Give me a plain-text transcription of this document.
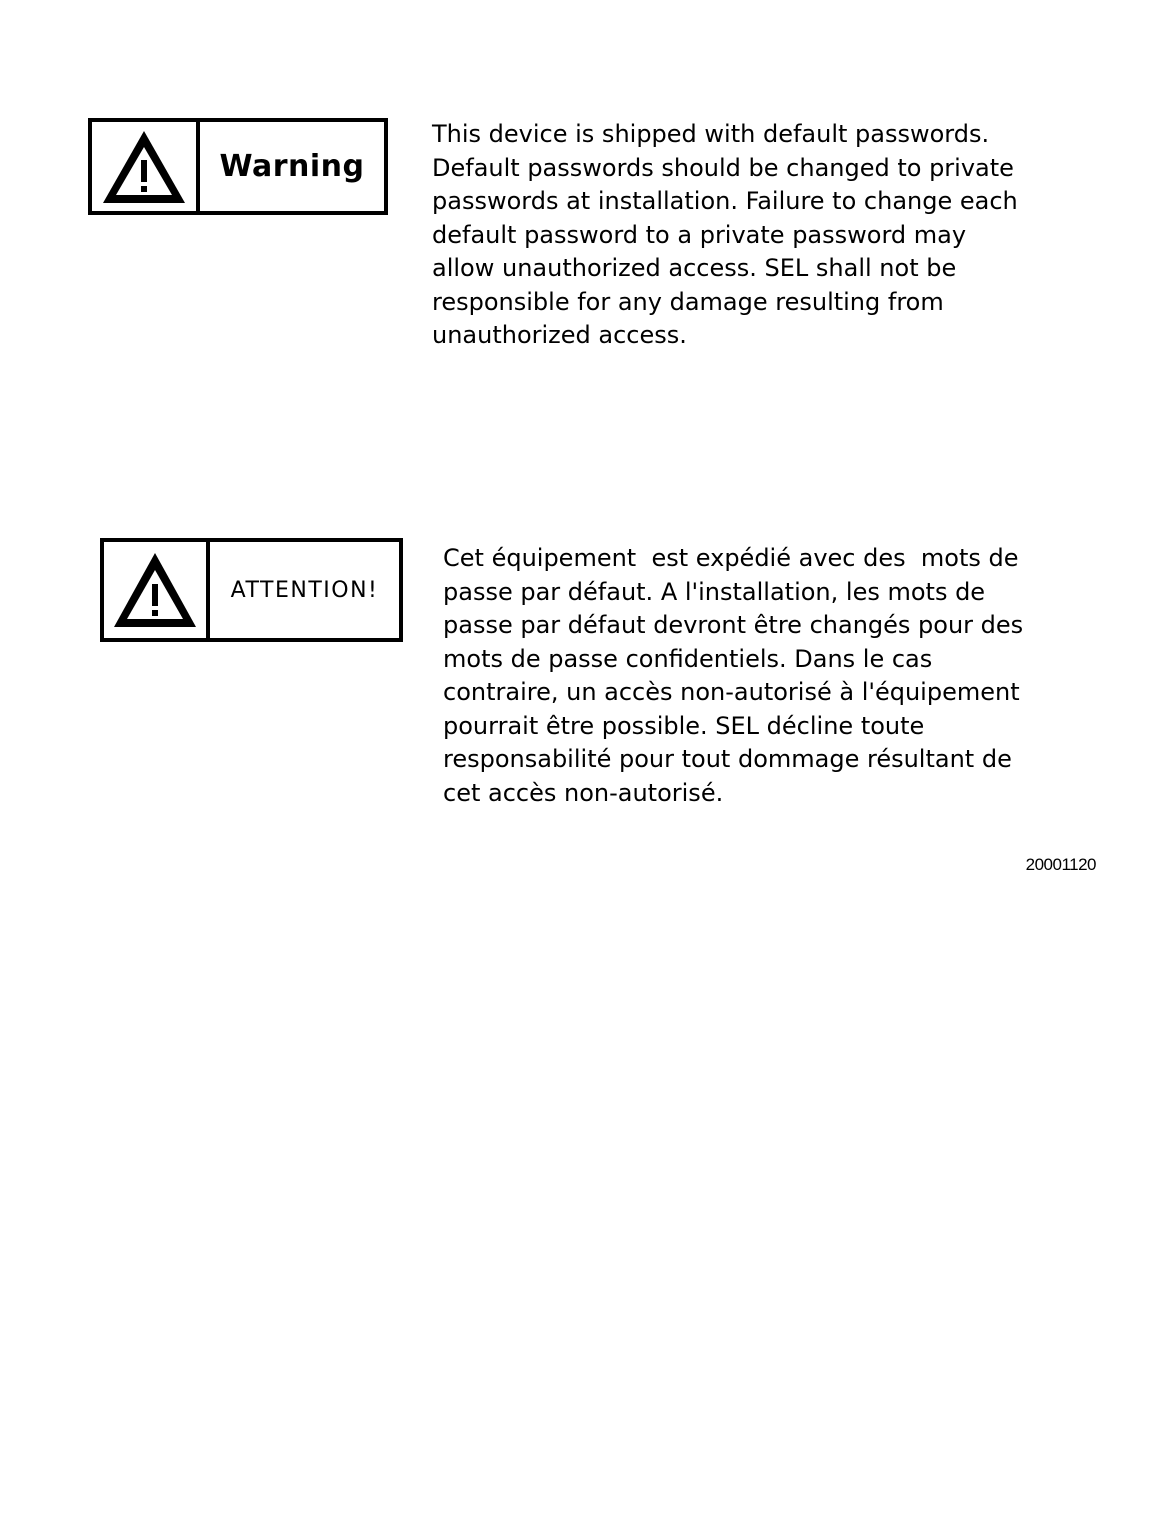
Warning
This device is shipped with default passwords.
Default passwords should be changed to private
passwords at installation. Failure to change each
default password to a private password may
allow unauthorized access. SEL shall not be
responsible for any damage resulting from
unauthorized access.
ATTENTION!
Cet équipement  est expédié avec des  mots de
passe par défaut. A l'installation, les mots de
passe par défaut devront être changés pour des
mots de passe confidentiels. Dans le cas
contraire, un accès non-autorisé à l'équipement
pourrait être possible. SEL décline toute
responsabilité pour tout dommage résultant de
cet accès non-autorisé.
20001120
